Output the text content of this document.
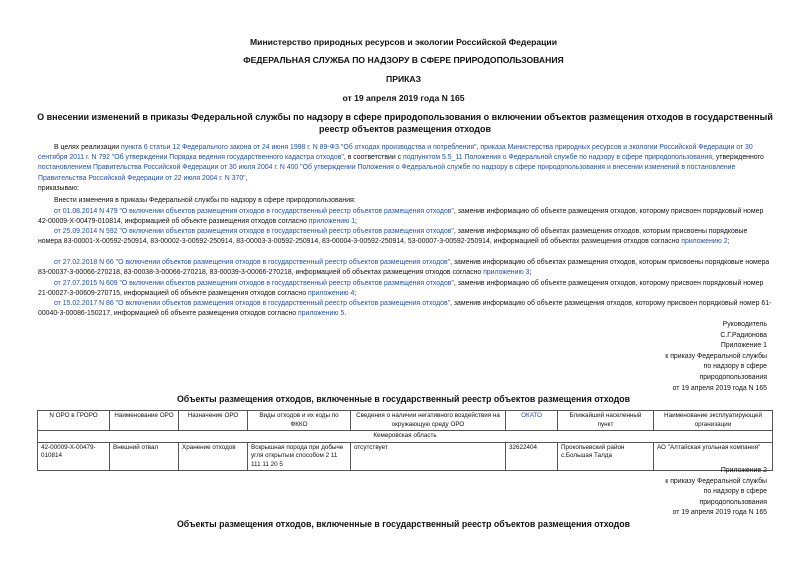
Министерство природных ресурсов и экологии Российской Федерации
ФЕДЕРАЛЬНАЯ СЛУЖБА ПО НАДЗОРУ В СФЕРЕ ПРИРОДОПОЛЬЗОВАНИЯ
ПРИКАЗ
от 19 апреля 2019 года N 165
О внесении изменений в приказы Федеральной службы по надзору в сфере природопользования о включении объектов размещения отходов в государственный реестр объектов размещения отходов
В целях реализации пункта 6 статьи 12 Федерального закона от 24 июня 1998 г. N 89-ФЗ "Об отходах производства и потребления", приказа Министерства природных ресурсов и экологии Российской Федерации от 30 сентября 2011 г. N 792 "Об утверждении Порядка ведения государственного кадастра отходов", в соответствии с подпунктом 5.5_11 Положения о Федеральной службе по надзору в сфере природопользования, утвержденного постановлением Правительства Российской Федерации от 30 июля 2004 г. N 400 "Об утверждении Положения о Федеральной службе по надзору в сфере природопользования и внесении изменений в постановление Правительства Российской Федерации от 22 июля 2004 г. N 370",
приказываю:
Внести изменения в приказы Федеральной службы по надзору в сфере природопользования:
от 01.08.2014 N 479 "О включении объектов размещения отходов в государственный реестр объектов размещения отходов", заменив информацию об объекте размещения отходов, которому присвоен порядковый номер 42-00009-Х-00479-010814, информацией об объекте размещения отходов согласно приложению 1;
от 25.09.2014 N 592 "О включении объектов размещения отходов в государственный реестр объектов размещения отходов", заменив информацию об объектах размещения отходов, которым присвоены порядковые номера 83-00001-Х-00592-250914, 83-00002-3-00592-250914, 83-00003-3-00592-250914, 83-00004-3-00592-250914, 53-00007-3-00592-250914, информацией об объектах размещения отходов согласно приложению 2;
от 27.02.2018 N 66 "О включении объектов размещения отходов в государственный реестр объектов размещения отходов", заменив информацию об объектах размещения отходов, которым присвоены порядковые номера 83-00037-3-00066-270218, 83-00038-3-00066-270218, 83-00039-3-00066-270218, информацией об объектах размещения отходов согласно приложению 3;
от 27.07.2015 N 609 "О включении объектов размещения отходов в государственный реестр объектов размещения отходов", заменив информацию об объекте размещения отходов, которому присвоен порядковый номер 21-00027-3-00609-270715, информацией об объекте размещения отходов согласно приложению 4;
от 15.02.2017 N 86 "О включении объектов размещения отходов в государственный реестр объектов размещения отходов", заменив информацию об объекте размещения отходов, которому присвоен порядковый номер 61-00040-3-00086-150217, информацией об объекте размещения отходов согласно приложению 5.
Руководитель
С.Г.Радионова
Приложение 1
к приказу Федеральной службы
по надзору в сфере
природопользования
от 19 апреля 2019 года N 165
Объекты размещения отходов, включенные в государственный реестр объектов размещения отходов
N ОРО в ГРОРО	Наименование ОРО	Назначение ОРО	Виды отходов и их коды по ФККО	Сведения о наличии негативного воздействия на окружающую среду ОРО	ОКАТО	Ближайший населенный пункт	Наименование эксплуатирующей организации
Кемеровская область							
42-00009-Х-00479-010814	Внешний отвал	Хранение отходов	Вскрышная порода при добыче угля открытым способом 2 11 111 11 20 5	отсутствует	32622404	Прокопьевский район с.Большая Талда	АО "Алтайская угольная компания"
Приложение 2
к приказу Федеральной службы
по надзору в сфере
природопользования
от 19 апреля 2019 года N 165
Объекты размещения отходов, включенные в государственный реестр объектов размещения отходов
